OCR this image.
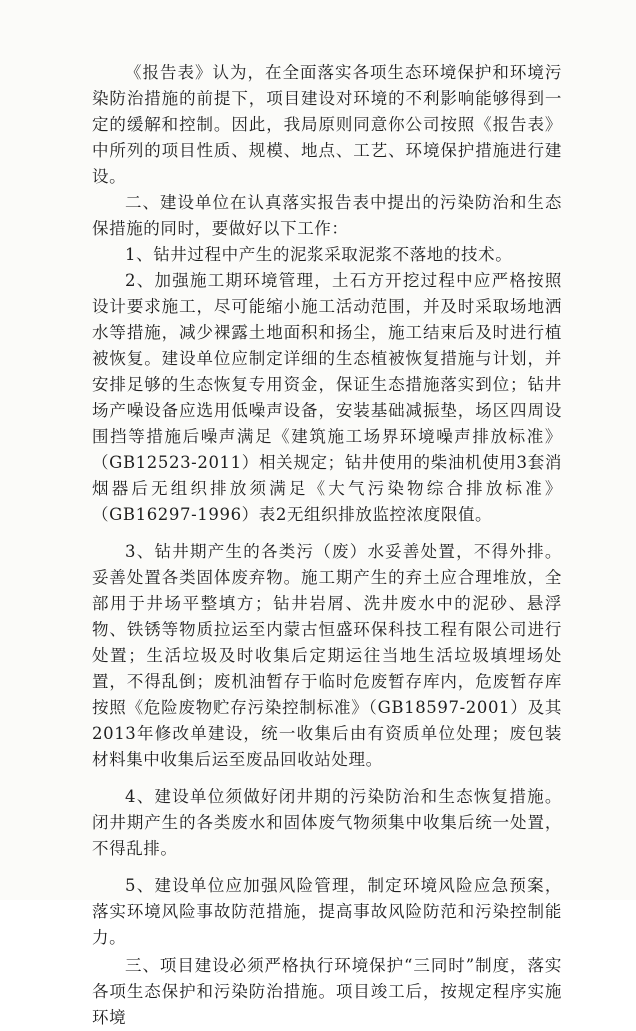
《报告表》认为，在全面落实各项生态环境保护和环境污染防治措施的前提下，项目建设对环境的不利影响能够得到一定的缓解和控制。因此，我局原则同意你公司按照《报告表》中所列的项目性质、规模、地点、工艺、环境保护措施进行建设。

二、建设单位在认真落实报告表中提出的污染防治和生态保措施的同时，要做好以下工作：

1、钻井过程中产生的泥浆采取泥浆不落地的技术。

2、加强施工期环境管理，土石方开挖过程中应严格按照设计要求施工，尽可能缩小施工活动范围，并及时采取场地洒水等措施，减少裸露土地面积和扬尘，施工结束后及时进行植被恢复。建设单位应制定详细的生态植被恢复措施与计划，并安排足够的生态恢复专用资金，保证生态措施落实到位；钻井场产噪设备应选用低噪声设备，安装基础减振垫，场区四周设围挡等措施后噪声满足《建筑施工场界环境噪声排放标准》（GB12523-2011）相关规定；钻井使用的柴油机使用3套消烟器后无组织排放须满足《大气污染物综合排放标准》（GB16297-1996）表2无组织排放监控浓度限值。

3、钻井期产生的各类污（废）水妥善处置，不得外排。妥善处置各类固体废弃物。施工期产生的弃土应合理堆放，全部用于井场平整填方；钻井岩屑、洗井废水中的泥砂、悬浮物、铁锈等物质拉运至内蒙古恒盛环保科技工程有限公司进行处置；生活垃圾及时收集后定期运往当地生活垃圾填埋场处置，不得乱倒；废机油暂存于临时危废暂存库内，危废暂存库按照《危险废物贮存污染控制标准》（GB18597-2001）及其2013年修改单建设，统一收集后由有资质单位处理；废包装材料集中收集后运至废品回收站处理。

4、建设单位须做好闭井期的污染防治和生态恢复措施。闭井期产生的各类废水和固体废气物须集中收集后统一处置，不得乱排。

5、建设单位应加强风险管理，制定环境风险应急预案，落实环境风险事故防范措施，提高事故风险防范和污染控制能力。

三、项目建设必须严格执行环境保护“三同时”制度，落实各项生态保护和污染防治措施。项目竣工后，按规定程序实施环境
